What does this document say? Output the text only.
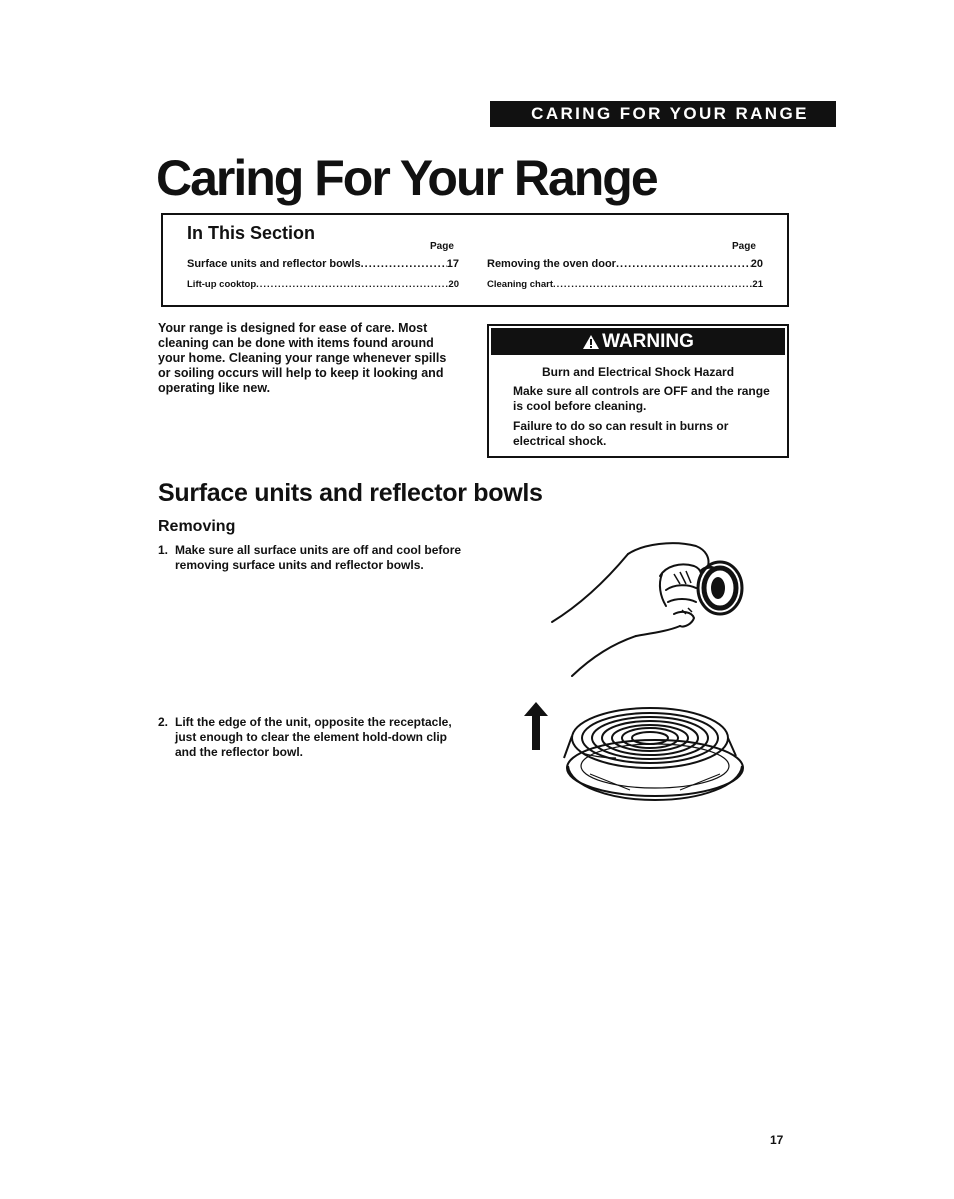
CARING FOR YOUR RANGE
Caring For Your Range
In This Section
Page	Page
Surface units and reflector bowls .....	17
Lift-up cooktop .....	20
Removing the oven door .....	20
Cleaning chart .....	21

Your range is designed for ease of care. Most cleaning can be done with items found around your home. Cleaning your range whenever spills or soiling occurs will help to keep it looking and operating like new.

WARNING
Burn and Electrical Shock Hazard

Make sure all controls are OFF and the range is cool before cleaning.

Failure to do so can result in burns or electrical shock.

Surface units and reflector bowls
Removing
1. Make sure all surface units are off and cool before removing surface units and reflector bowls.
2. Lift the edge of the unit, opposite the receptacle, just enough to clear the element hold-down clip and the reflector bowl.
17
